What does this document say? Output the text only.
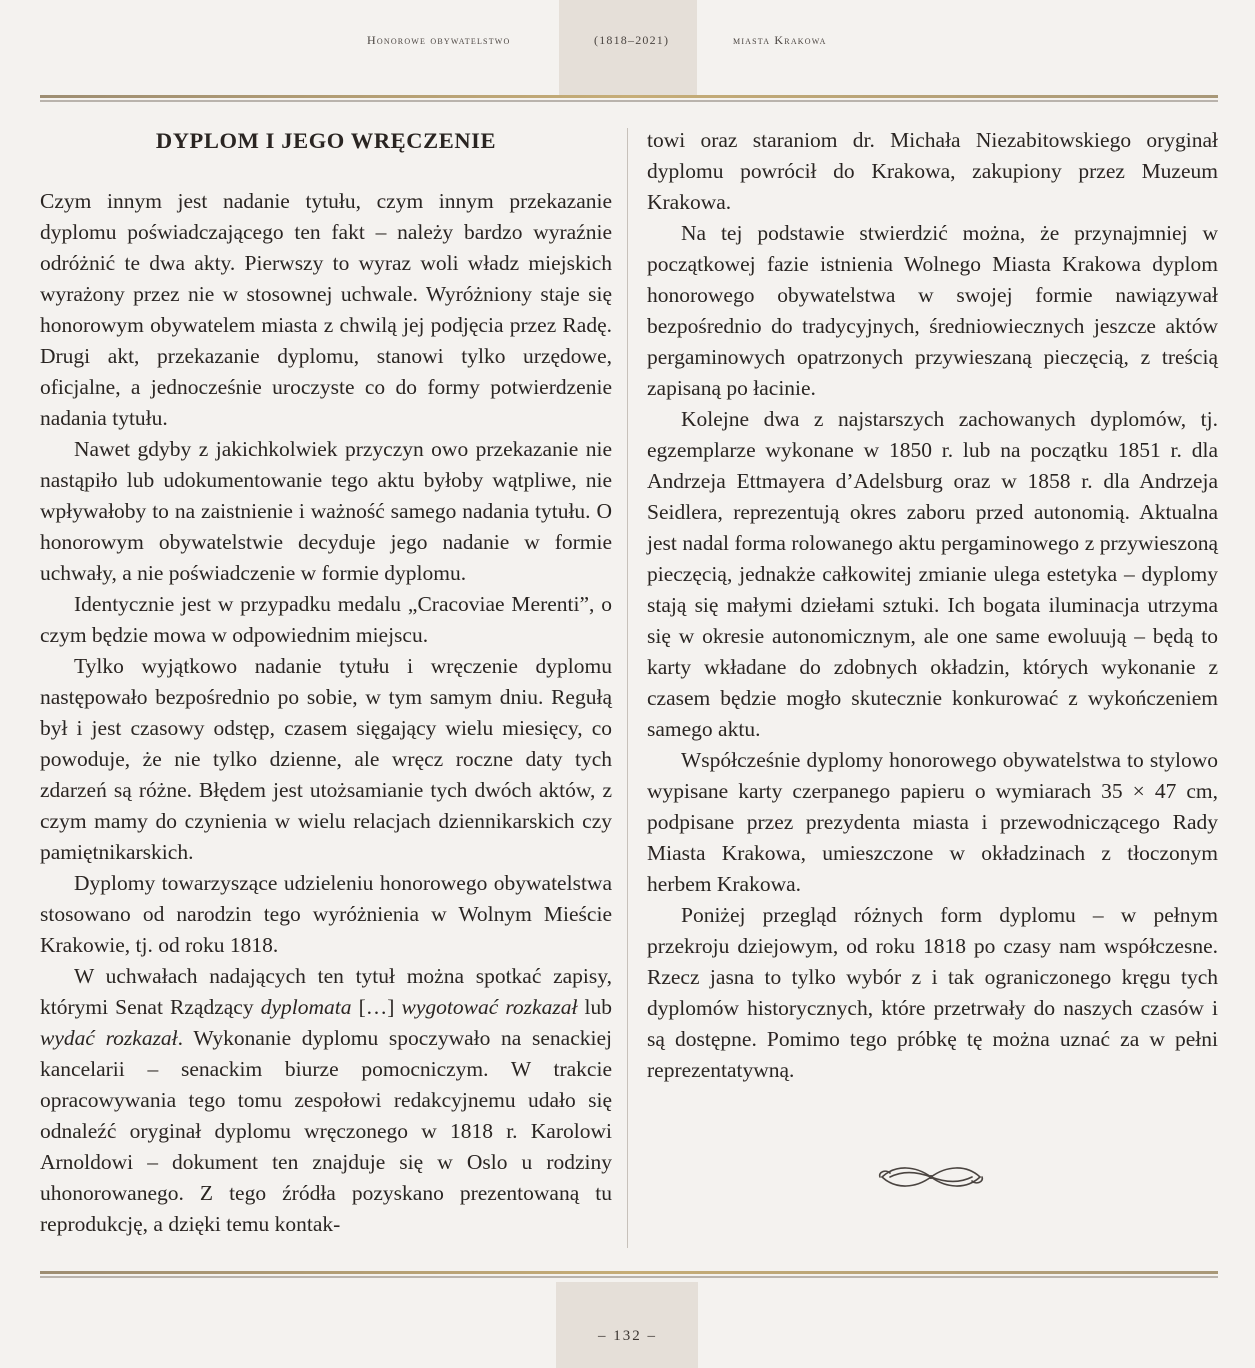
Honorowe obywatelstwo	(1818–2021)	miasta Krakowa
DYPLOM I JEGO WRĘCZENIE

Czym innym jest nadanie tytułu, czym innym przekazanie dyplomu poświadczającego ten fakt – należy bardzo wyraźnie odróżnić te dwa akty. Pierwszy to wyraz woli władz miejskich wyrażony przez nie w stosownej uchwale. Wyróżniony staje się honorowym obywatelem miasta z chwilą jej podjęcia przez Radę. Drugi akt, przekazanie dyplomu, stanowi tylko urzędowe, oficjalne, a jednocześnie uroczyste co do formy potwierdzenie nadania tytułu.

Nawet gdyby z jakichkolwiek przyczyn owo przekazanie nie nastąpiło lub udokumentowanie tego aktu byłoby wątpliwe, nie wpływałoby to na zaistnienie i ważność samego nadania tytułu. O honorowym obywatelstwie decyduje jego nadanie w formie uchwały, a nie poświadczenie w formie dyplomu.

Identycznie jest w przypadku medalu „Cracoviae Merenti”, o czym będzie mowa w odpowiednim miejscu.

Tylko wyjątkowo nadanie tytułu i wręczenie dyplomu następowało bezpośrednio po sobie, w tym samym dniu. Regułą był i jest czasowy odstęp, czasem sięgający wielu miesięcy, co powoduje, że nie tylko dzienne, ale wręcz roczne daty tych zdarzeń są różne. Błędem jest utożsamianie tych dwóch aktów, z czym mamy do czynienia w wielu relacjach dziennikarskich czy pamiętnikarskich.

Dyplomy towarzyszące udzieleniu honorowego obywatelstwa stosowano od narodzin tego wyróżnienia w Wolnym Mieście Krakowie, tj. od roku 1818.

W uchwałach nadających ten tytuł można spotkać zapisy, którymi Senat Rządzący dyplomata […] wygotować rozkazał lub wydać rozkazał. Wykonanie dyplomu spoczywało na senackiej kancelarii – senackim biurze pomocniczym. W trakcie opracowywania tego tomu zespołowi redakcyjnemu udało się odnaleźć oryginał dyplomu wręczonego w 1818 r. Karolowi Arnoldowi – dokument ten znajduje się w Oslo u rodziny uhonorowanego. Z tego źródła pozyskano prezentowaną tu reprodukcję, a dzięki temu kontak-

towi oraz staraniom dr. Michała Niezabitowskiego oryginał dyplomu powrócił do Krakowa, zakupiony przez Muzeum Krakowa.

Na tej podstawie stwierdzić można, że przynajmniej w początkowej fazie istnienia Wolnego Miasta Krakowa dyplom honorowego obywatelstwa w swojej formie nawiązywał bezpośrednio do tradycyjnych, średniowiecznych jeszcze aktów pergaminowych opatrzonych przywieszaną pieczęcią, z treścią zapisaną po łacinie.

Kolejne dwa z najstarszych zachowanych dyplomów, tj. egzemplarze wykonane w 1850 r. lub na początku 1851 r. dla Andrzeja Ettmayera d’Adelsburg oraz w 1858 r. dla Andrzeja Seidlera, reprezentują okres zaboru przed autonomią. Aktualna jest nadal forma rolowanego aktu pergaminowego z przywieszoną pieczęcią, jednakże całkowitej zmianie ulega estetyka – dyplomy stają się małymi dziełami sztuki. Ich bogata iluminacja utrzyma się w okresie autonomicznym, ale one same ewoluują – będą to karty wkładane do zdobnych okładzin, których wykonanie z czasem będzie mogło skutecznie konkurować z wykończeniem samego aktu.

Współcześnie dyplomy honorowego obywatelstwa to stylowo wypisane karty czerpanego papieru o wymiarach 35 × 47 cm, podpisane przez prezydenta miasta i przewodniczącego Rady Miasta Krakowa, umieszczone w okładzinach z tłoczonym herbem Krakowa.

Poniżej przegląd różnych form dyplomu – w pełnym przekroju dziejowym, od roku 1818 po czasy nam współczesne. Rzecz jasna to tylko wybór z i tak ograniczonego kręgu tych dyplomów historycznych, które przetrwały do naszych czasów i są dostępne. Pomimo tego próbkę tę można uznać za w pełni reprezentatywną.

– 132 –
